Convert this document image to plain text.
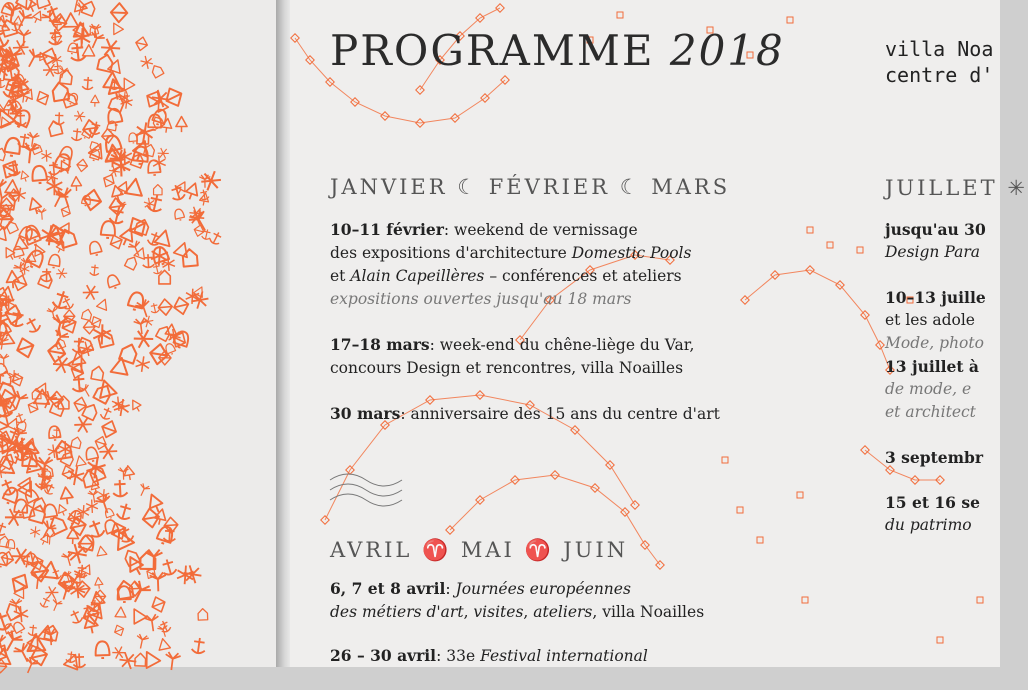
PROGRAMME 2018	villa Noa
centre d'
JANVIER ☾ FÉVRIER ☾ MARS
10–11 février: weekend de vernissage
des expositions d'architecture Domestic Pools
et Alain Capeillères – conférences et ateliers
expositions ouvertes jusqu'au 18 mars
17–18 mars: week-end du chêne-liège du Var,
concours Design et rencontres, villa Noailles
30 mars: anniversaire des 15 ans du centre d'art
AVRIL ♈ MAI ♈ JUIN
6, 7 et 8 avril: Journées européennes
des métiers d'art, visites, ateliers, villa Noailles
26 – 30 avril: 33e Festival international
JUILLET ✳
jusqu'au 30
Design Para
10–13 juille
et les adole
Mode, photo
13 juillet à
de mode, e
et architect
3 septembr
15 et 16 se
du patrimo
